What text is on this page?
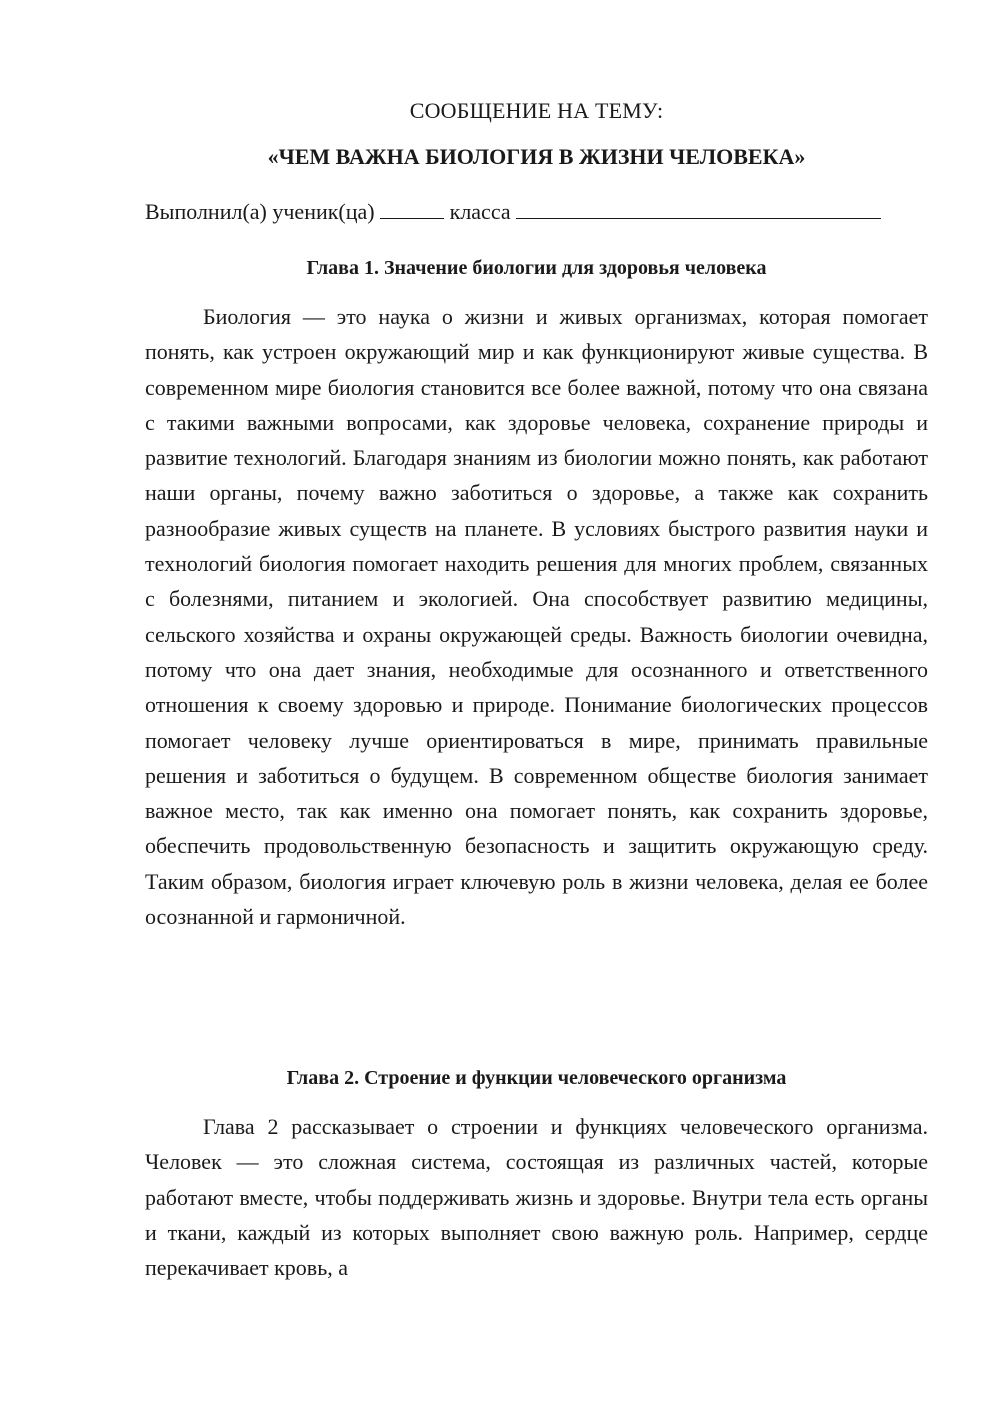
СООБЩЕНИЕ НА ТЕМУ:
«ЧЕМ ВАЖНА БИОЛОГИЯ В ЖИЗНИ ЧЕЛОВЕКА»
Выполнил(а) ученик(ца)	класса
Глава 1. Значение биологии для здоровья человека

Биология — это наука о жизни и живых организмах, которая помогает понять, как устроен окружающий мир и как функционируют живые существа. В современном мире биология становится все более важной, потому что она связана с такими важными вопросами, как здоровье человека, сохранение природы и развитие технологий. Благодаря знаниям из биологии можно понять, как работают наши органы, почему важно заботиться о здоровье, а также как сохранить разнообразие живых существ на планете. В условиях быстрого развития науки и технологий биология помогает находить решения для многих проблем, связанных с болезнями, питанием и экологией. Она способствует развитию медицины, сельского хозяйства и охраны окружающей среды. Важность биологии очевидна, потому что она дает знания, необходимые для осознанного и ответственного отношения к своему здоровью и природе. Понимание биологических процессов помогает человеку лучше ориентироваться в мире, принимать правильные решения и заботиться о будущем. В современном обществе биология занимает важное место, так как именно она помогает понять, как сохранить здоровье, обеспечить продовольственную безопасность и защитить окружающую среду. Таким образом, биология играет ключевую роль в жизни человека, делая ее более осознанной и гармоничной.

Глава 2. Строение и функции человеческого организма

Глава 2 рассказывает о строении и функциях человеческого организма. Человек — это сложная система, состоящая из различных частей, которые работают вместе, чтобы поддерживать жизнь и здоровье. Внутри тела есть органы и ткани, каждый из которых выполняет свою важную роль. Например, сердце перекачивает кровь, а
